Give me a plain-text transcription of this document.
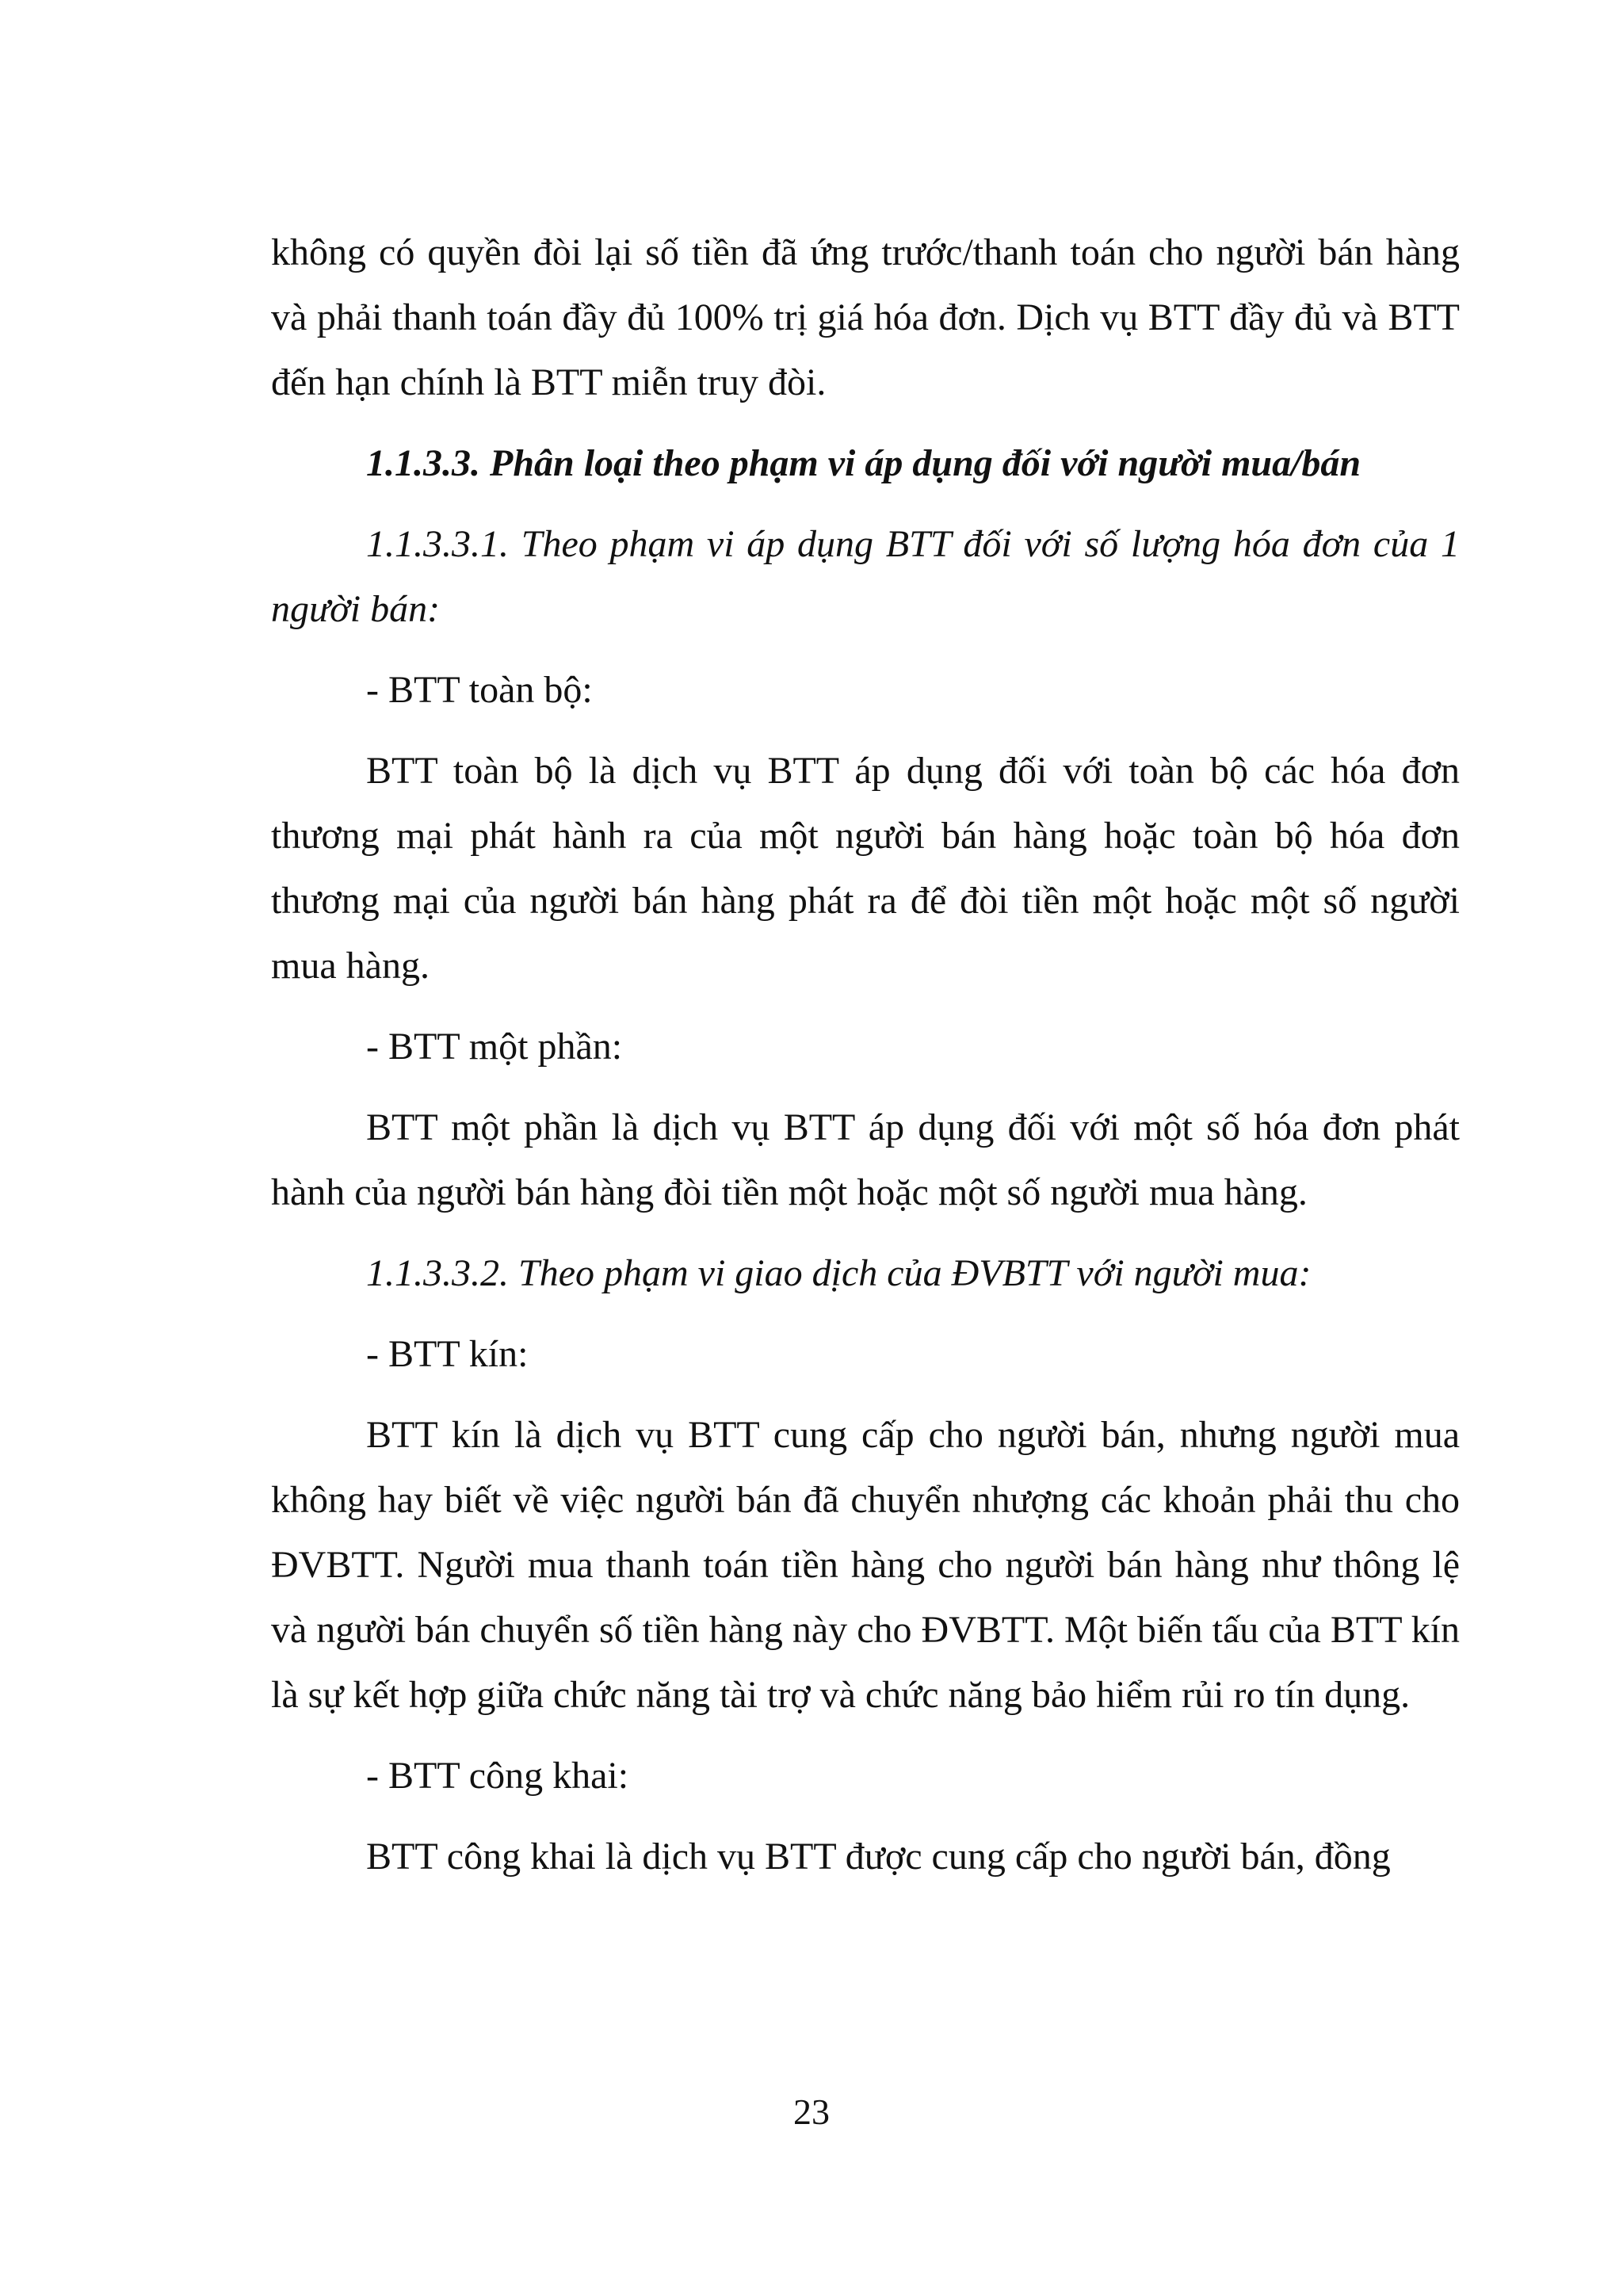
không có quyền đòi lại số tiền đã ứng trước/thanh toán cho người bán hàng và phải thanh toán đầy đủ 100% trị giá hóa đơn. Dịch vụ BTT đầy đủ và BTT đến hạn chính là BTT miễn truy đòi.

1.1.3.3. Phân loại theo phạm vi áp dụng đối với người mua/bán

1.1.3.3.1. Theo phạm vi áp dụng BTT đối với số lượng hóa đơn của 1 người bán:

- BTT toàn bộ:

BTT toàn bộ là dịch vụ BTT áp dụng đối với toàn bộ các hóa đơn thương mại phát hành ra của một người bán hàng hoặc toàn bộ hóa đơn thương mại của người bán hàng phát ra để đòi tiền một hoặc một số người mua hàng.

- BTT một phần:

BTT một phần là dịch vụ BTT áp dụng đối với một số hóa đơn phát hành của người bán hàng đòi tiền một hoặc một số người mua hàng.

1.1.3.3.2. Theo phạm vi giao dịch của ĐVBTT với người mua:

- BTT kín:

BTT kín là dịch vụ BTT cung cấp cho người bán, nhưng người mua không hay biết về việc người bán đã chuyển nhượng các khoản phải thu cho ĐVBTT. Người mua thanh toán tiền hàng cho người bán hàng như thông lệ và người bán chuyển số tiền hàng này cho ĐVBTT. Một biến tấu của BTT kín là sự kết hợp giữa chức năng tài trợ và chức năng bảo hiểm rủi ro tín dụng.

- BTT công khai:

BTT công khai là dịch vụ BTT được cung cấp cho người bán, đồng

23
